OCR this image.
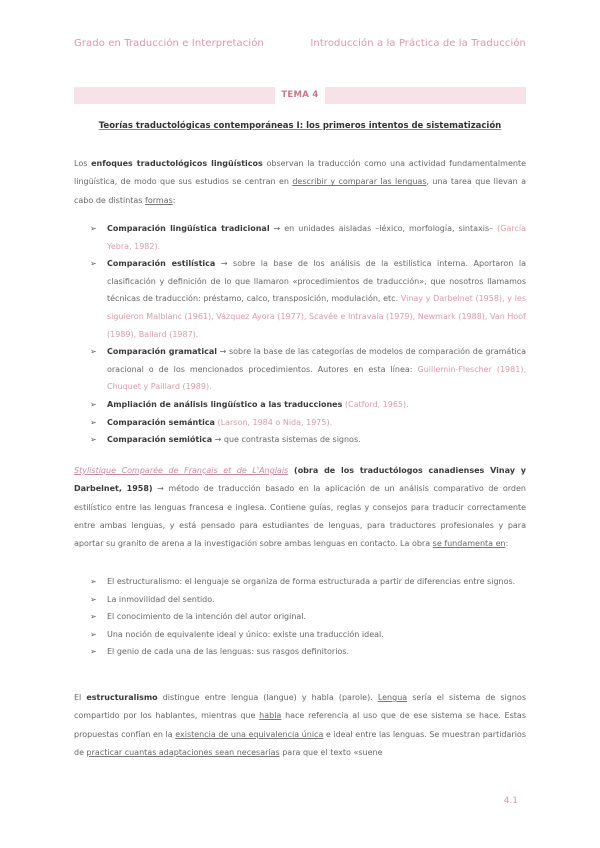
Grado en Traducción e Interpretación	Introducción a la Práctica de la Traducción
TEMA 4
Teorías traductológicas contemporáneas I: los primeros intentos de sistematización

Los enfoques traductológicos lingüísticos observan la traducción como una actividad fundamentalmente lingüística, de modo que sus estudios se centran en describir y comparar las lenguas, una tarea que llevan a cabo de distintas formas:

➢ Comparación lingüística tradicional → en unidades aisladas –léxico, morfología, sintaxis– (García Yebra, 1982).
➢ Comparación estilística → sobre la base de los análisis de la estilística interna. Aportaron la clasificación y definición de lo que llamaron «procedimientos de traducción», que nosotros llamamos técnicas de traducción: préstamo, calco, transposición, modulación, etc. Vinay y Darbelnet (1958), y les siguieron Malblanc (1961), Vázquez Ayora (1977), Scavée e Intravaia (1979), Newmark (1988), Van Hoof (1989), Ballard (1987).
➢ Comparación gramatical → sobre la base de las categorías de modelos de comparación de gramática oracional o de los mencionados procedimientos. Autores en esta línea: Guillemin-Flescher (1981), Chuquet y Paillard (1989).
➢ Ampliación de análisis lingüístico a las traducciones (Catford, 1965).
➢ Comparación semántica (Larson, 1984 o Nida, 1975).
➢ Comparación semiótica → que contrasta sistemas de signos.

Stylistique Comparée de Français et de L'Anglais (obra de los traductólogos canadienses Vinay y Darbelnet, 1958) → método de traducción basado en la aplicación de un análisis comparativo de orden estilístico entre las lenguas francesa e inglesa. Contiene guías, reglas y consejos para traducir correctamente entre ambas lenguas, y está pensado para estudiantes de lenguas, para traductores profesionales y para aportar su granito de arena a la investigación sobre ambas lenguas en contacto. La obra se fundamenta en:

➢ El estructuralismo: el lenguaje se organiza de forma estructurada a partir de diferencias entre signos.
➢ La inmovilidad del sentido.
➢ El conocimiento de la intención del autor original.
➢ Una noción de equivalente ideal y único: existe una traducción ideal.
➢ El genio de cada una de las lenguas: sus rasgos definitorios.

El estructuralismo distingue entre lengua (langue) y habla (parole). Lengua sería el sistema de signos compartido por los hablantes, mientras que habla hace referencia al uso que de ese sistema se hace. Estas propuestas confían en la existencia de una equivalencia única e ideal entre las lenguas. Se muestran partidarios de practicar cuantas adaptaciones sean necesarias para que el texto «suene

4.1
